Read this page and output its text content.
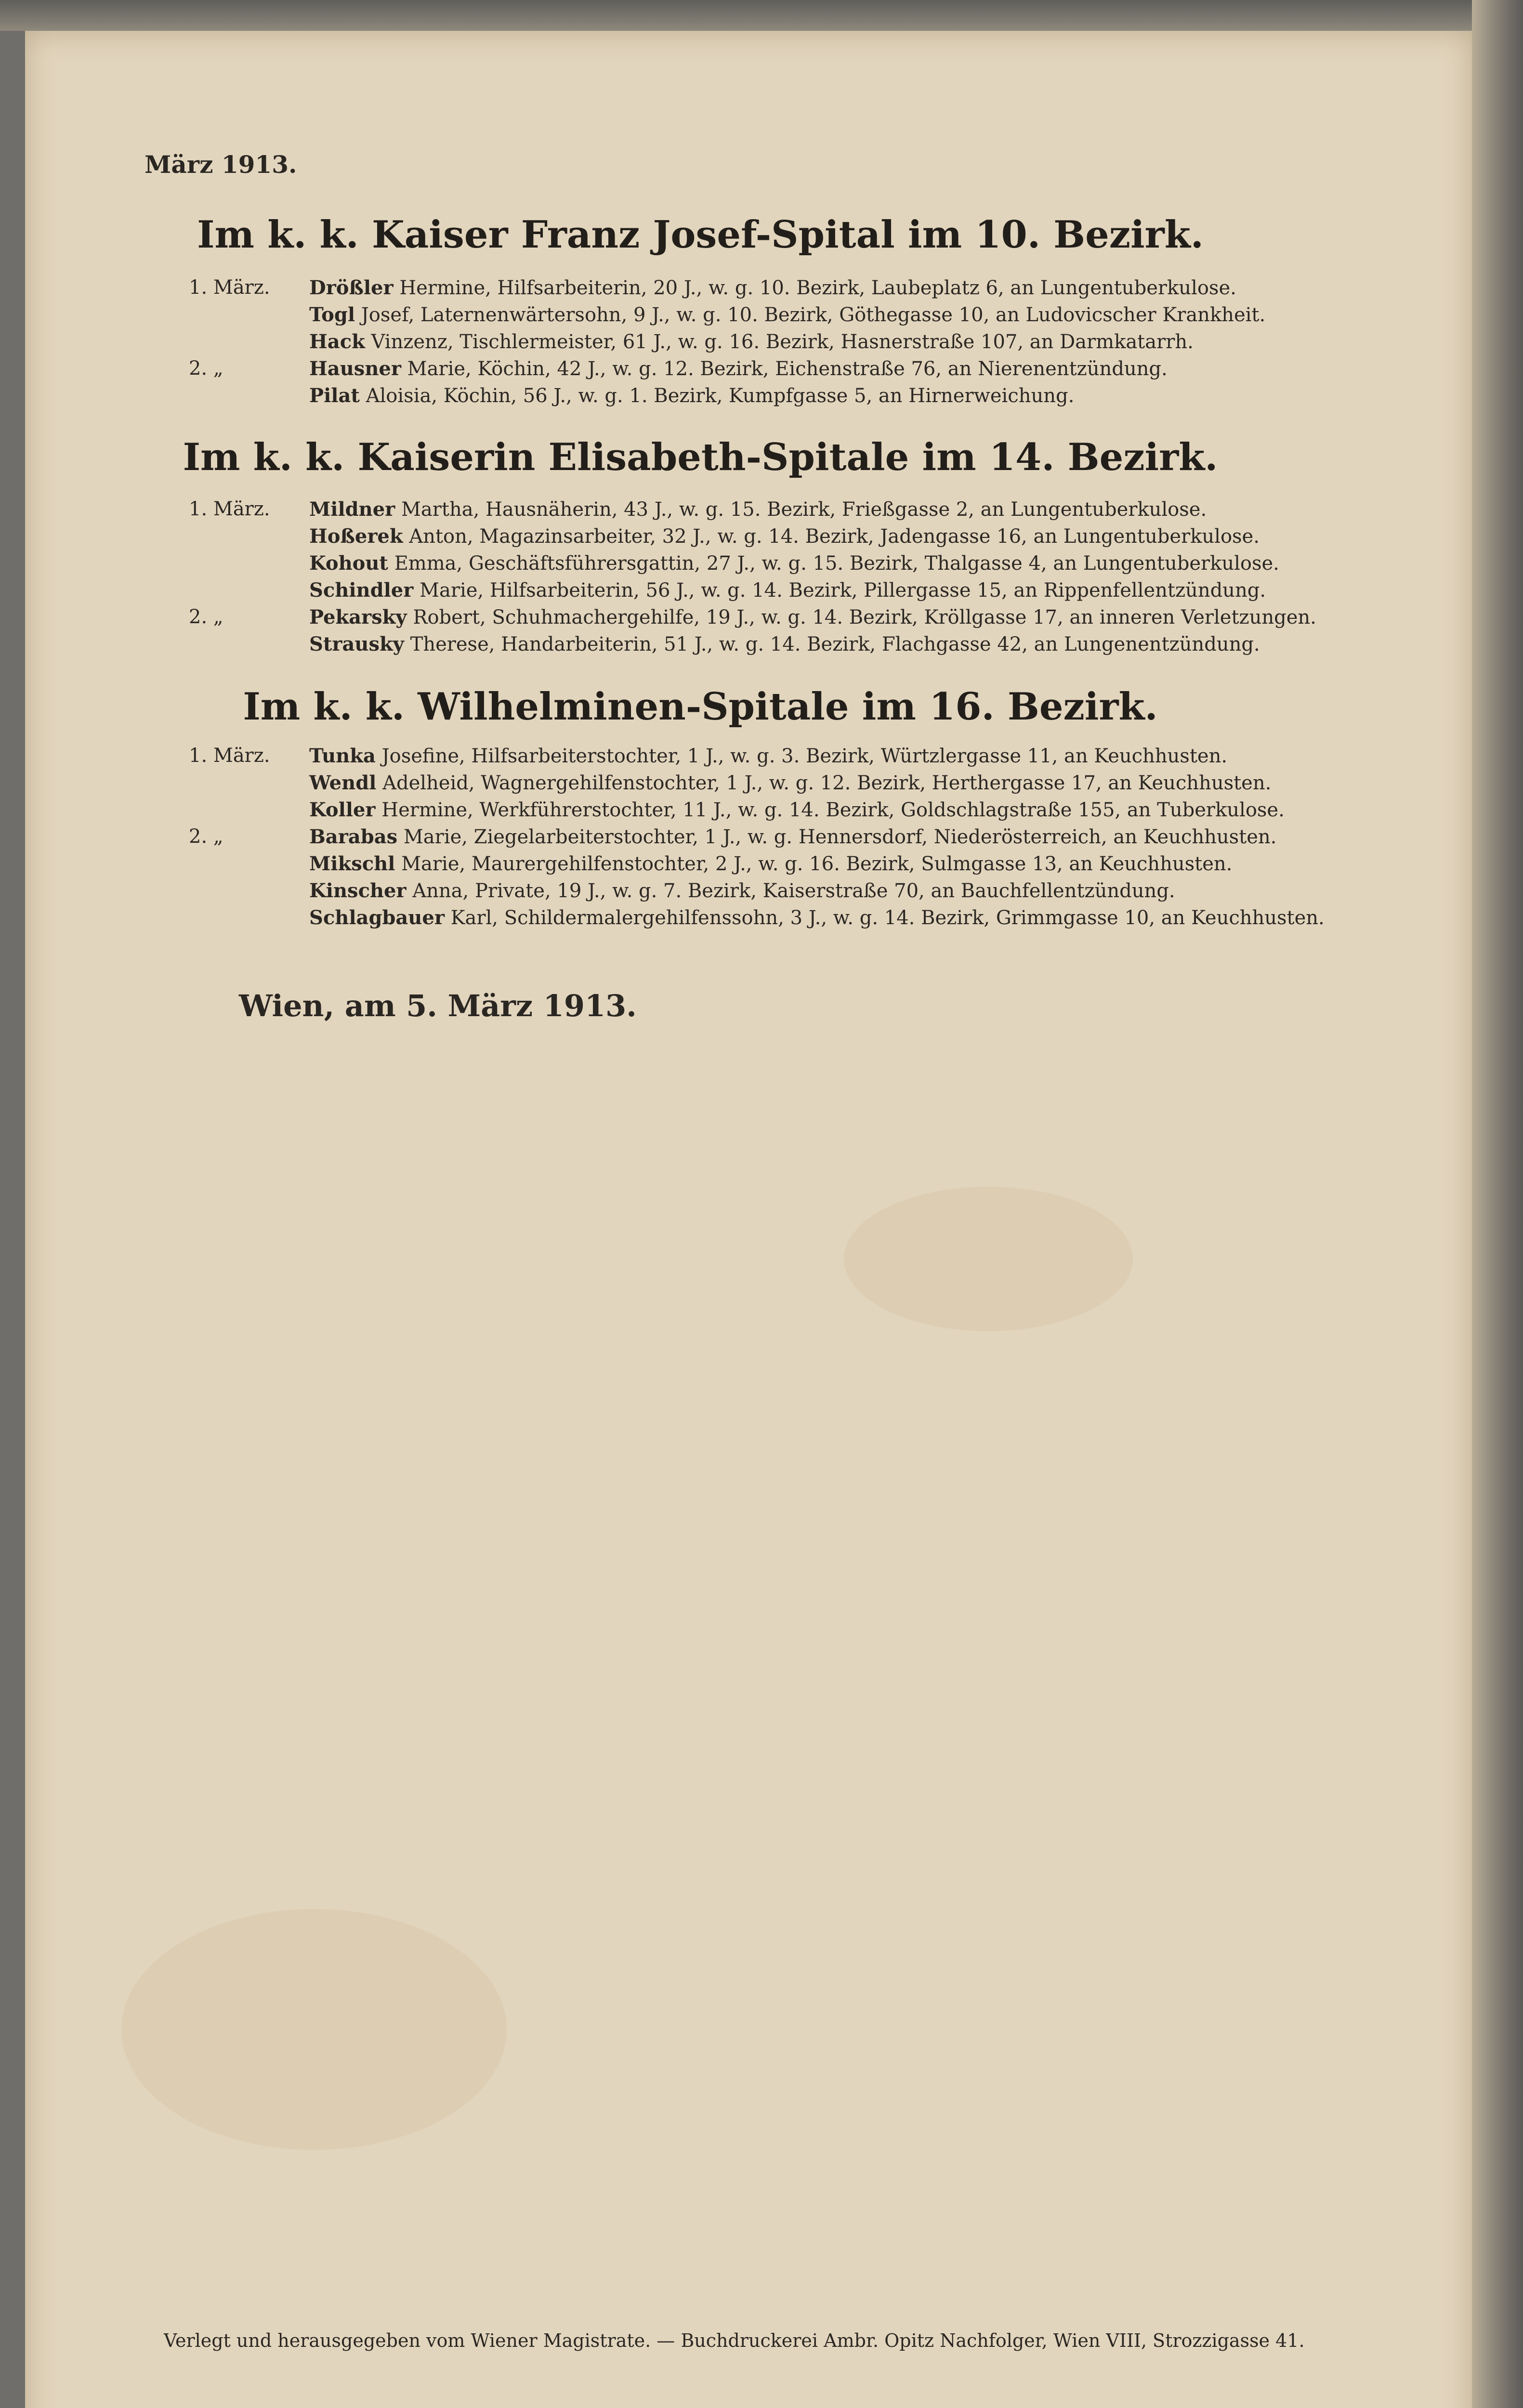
März 1913.
Im k. k. Kaiser Franz Josef-Spital im 10. Bezirk.
1. März.	Drößler Hermine, Hilfsarbeiterin, 20 J., w. g. 10. Bezirk, Laubeplatz 6, an Lungentuberkulose.
Togl Josef, Laternenwärtersohn, 9 J., w. g. 10. Bezirk, Göthegasse 10, an Ludovicscher Krankheit.
Hack Vinzenz, Tischlermeister, 61 J., w. g. 16. Bezirk, Hasnerstraße 107, an Darmkatarrh.
2. „	Hausner Marie, Köchin, 42 J., w. g. 12. Bezirk, Eichenstraße 76, an Nierenentzündung.
Pilat Aloisia, Köchin, 56 J., w. g. 1. Bezirk, Kumpfgasse 5, an Hirnerweichung.
Im k. k. Kaiserin Elisabeth-Spitale im 14. Bezirk.
1. März.	Mildner Martha, Hausnäherin, 43 J., w. g. 15. Bezirk, Frießgasse 2, an Lungentuberkulose.
Hoßerek Anton, Magazinsarbeiter, 32 J., w. g. 14. Bezirk, Jadengasse 16, an Lungentuberkulose.
Kohout Emma, Geschäftsführersgattin, 27 J., w. g. 15. Bezirk, Thalgasse 4, an Lungentuberkulose.
Schindler Marie, Hilfsarbeiterin, 56 J., w. g. 14. Bezirk, Pillergasse 15, an Rippenfellentzündung.
2. „	Pekarsky Robert, Schuhmachergehilfe, 19 J., w. g. 14. Bezirk, Kröllgasse 17, an inneren Verletzungen.
Strausky Therese, Handarbeiterin, 51 J., w. g. 14. Bezirk, Flachgasse 42, an Lungenentzündung.
Im k. k. Wilhelminen-Spitale im 16. Bezirk.
1. März.	Tunka Josefine, Hilfsarbeiterstochter, 1 J., w. g. 3. Bezirk, Würtzlergasse 11, an Keuchhusten.
Wendl Adelheid, Wagnergehilfenstochter, 1 J., w. g. 12. Bezirk, Herthergasse 17, an Keuchhusten.
Koller Hermine, Werkführerstochter, 11 J., w. g. 14. Bezirk, Goldschlagstraße 155, an Tuberkulose.
2. „	Barabas Marie, Ziegelarbeiterstochter, 1 J., w. g. Hennersdorf, Niederösterreich, an Keuchhusten.
Mikschl Marie, Maurergehilfenstochter, 2 J., w. g. 16. Bezirk, Sulmgasse 13, an Keuchhusten.
Kinscher Anna, Private, 19 J., w. g. 7. Bezirk, Kaiserstraße 70, an Bauchfellentzündung.
Schlagbauer Karl, Schildermalergehilfenssohn, 3 J., w. g. 14. Bezirk, Grimmgasse 10, an Keuchhusten.
Wien, am 5. März 1913.
Verlegt und herausgegeben vom Wiener Magistrate. — Buchdruckerei Ambr. Opitz Nachfolger, Wien VIII, Strozzigasse 41.
